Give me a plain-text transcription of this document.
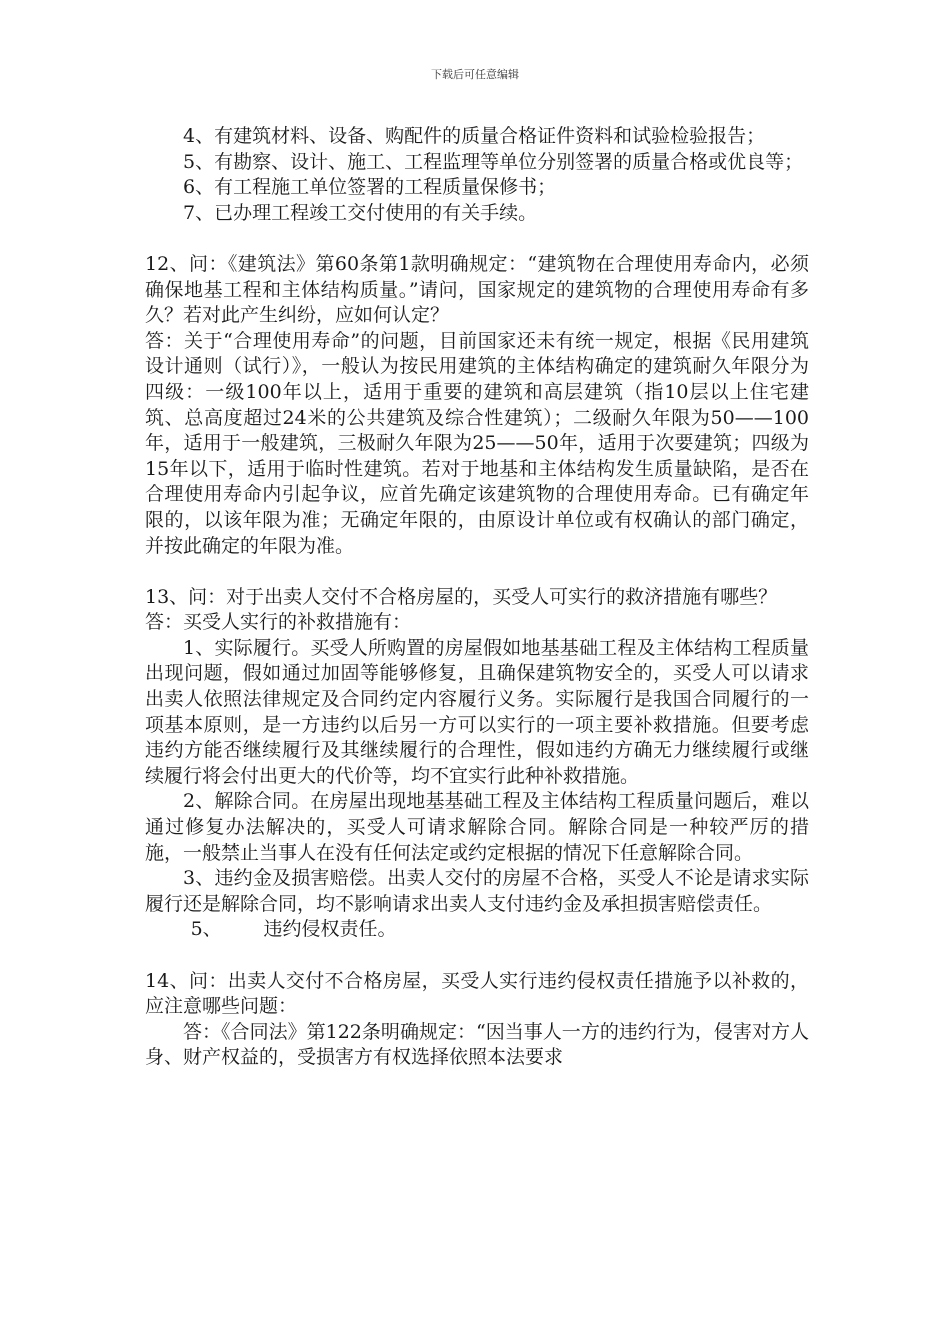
下载后可任意编辑

4、有建筑材料、设备、购配件的质量合格证件资料和试验检验报告；

5、有勘察、设计、施工、工程监理等单位分别签署的质量合格或优良等；

6、有工程施工单位签署的工程质量保修书；

7、已办理工程竣工交付使用的有关手续。

12、问：《建筑法》第60条第1款明确规定：“建筑物在合理使用寿命内，必须确保地基工程和主体结构质量。”请问，国家规定的建筑物的合理使用寿命有多久？若对此产生纠纷，应如何认定？

答：关于“合理使用寿命”的问题，目前国家还未有统一规定，根据《民用建筑设计通则（试行）》，一般认为按民用建筑的主体结构确定的建筑耐久年限分为四级：一级100年以上，适用于重要的建筑和高层建筑（指10层以上住宅建筑、总高度超过24米的公共建筑及综合性建筑）；二级耐久年限为50——100年，适用于一般建筑，三极耐久年限为25——50年，适用于次要建筑；四级为15年以下，适用于临时性建筑。若对于地基和主体结构发生质量缺陷，是否在合理使用寿命内引起争议，应首先确定该建筑物的合理使用寿命。已有确定年限的，以该年限为准；无确定年限的，由原设计单位或有权确认的部门确定，并按此确定的年限为准。

13、问：对于出卖人交付不合格房屋的，买受人可实行的救济措施有哪些？

答：买受人实行的补救措施有：

1、实际履行。买受人所购置的房屋假如地基基础工程及主体结构工程质量出现问题，假如通过加固等能够修复，且确保建筑物安全的，买受人可以请求出卖人依照法律规定及合同约定内容履行义务。实际履行是我国合同履行的一项基本原则，是一方违约以后另一方可以实行的一项主要补救措施。但要考虑违约方能否继续履行及其继续履行的合理性，假如违约方确无力继续履行或继续履行将会付出更大的代价等，均不宜实行此种补救措施。

2、解除合同。在房屋出现地基基础工程及主体结构工程质量问题后，难以通过修复办法解决的，买受人可请求解除合同。解除合同是一种较严厉的措施，一般禁止当事人在没有任何法定或约定根据的情况下任意解除合同。

3、违约金及损害赔偿。出卖人交付的房屋不合格，买受人不论是请求实际履行还是解除合同，均不影响请求出卖人支付违约金及承担损害赔偿责任。

5、 违约侵权责任。

14、问：出卖人交付不合格房屋，买受人实行违约侵权责任措施予以补救的，应注意哪些问题：

答：《合同法》第122条明确规定：“因当事人一方的违约行为，侵害对方人身、财产权益的，受损害方有权选择依照本法要求
